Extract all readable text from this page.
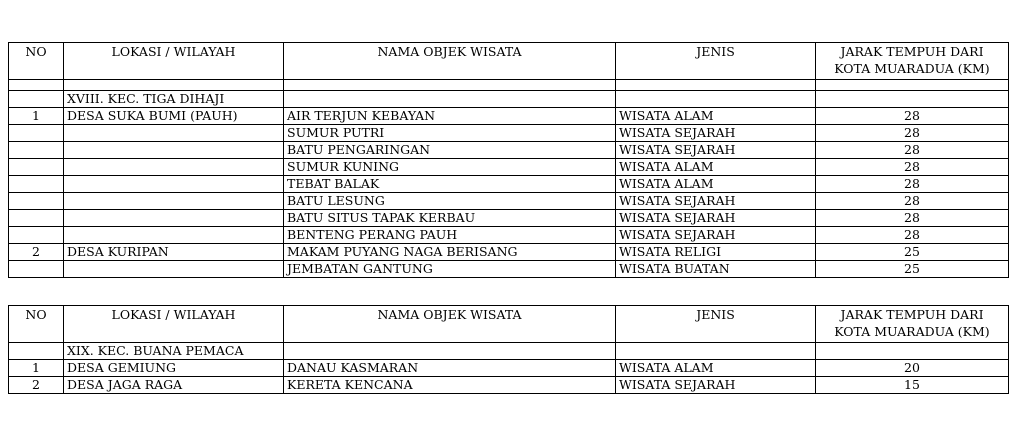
NO	LOKASI / WILAYAH	NAMA OBJEK WISATA	JENIS	JARAK TEMPUH DARI
KOTA MUARADUA (KM)

	XVIII. KEC. TIGA DIHAJI			
1	DESA SUKA BUMI (PAUH)	AIR TERJUN KEBAYAN	WISATA ALAM	28
		SUMUR PUTRI	WISATA SEJARAH	28
		BATU PENGARINGAN	WISATA SEJARAH	28
		SUMUR KUNING	WISATA ALAM	28
		TEBAT BALAK	WISATA ALAM	28
		BATU LESUNG	WISATA SEJARAH	28
		BATU SITUS TAPAK KERBAU	WISATA SEJARAH	28
		BENTENG PERANG PAUH	WISATA SEJARAH	28
2	DESA KURIPAN	MAKAM PUYANG NAGA BERISANG	WISATA RELIGI	25
		JEMBATAN GANTUNG	WISATA BUATAN	25
NO	LOKASI / WILAYAH	NAMA OBJEK WISATA	JENIS	JARAK TEMPUH DARI
KOTA MUARADUA (KM)

	XIX. KEC. BUANA PEMACA			
1	DESA GEMIUNG	DANAU KASMARAN	WISATA ALAM	20
2	DESA JAGA RAGA	KERETA KENCANA	WISATA SEJARAH	15
